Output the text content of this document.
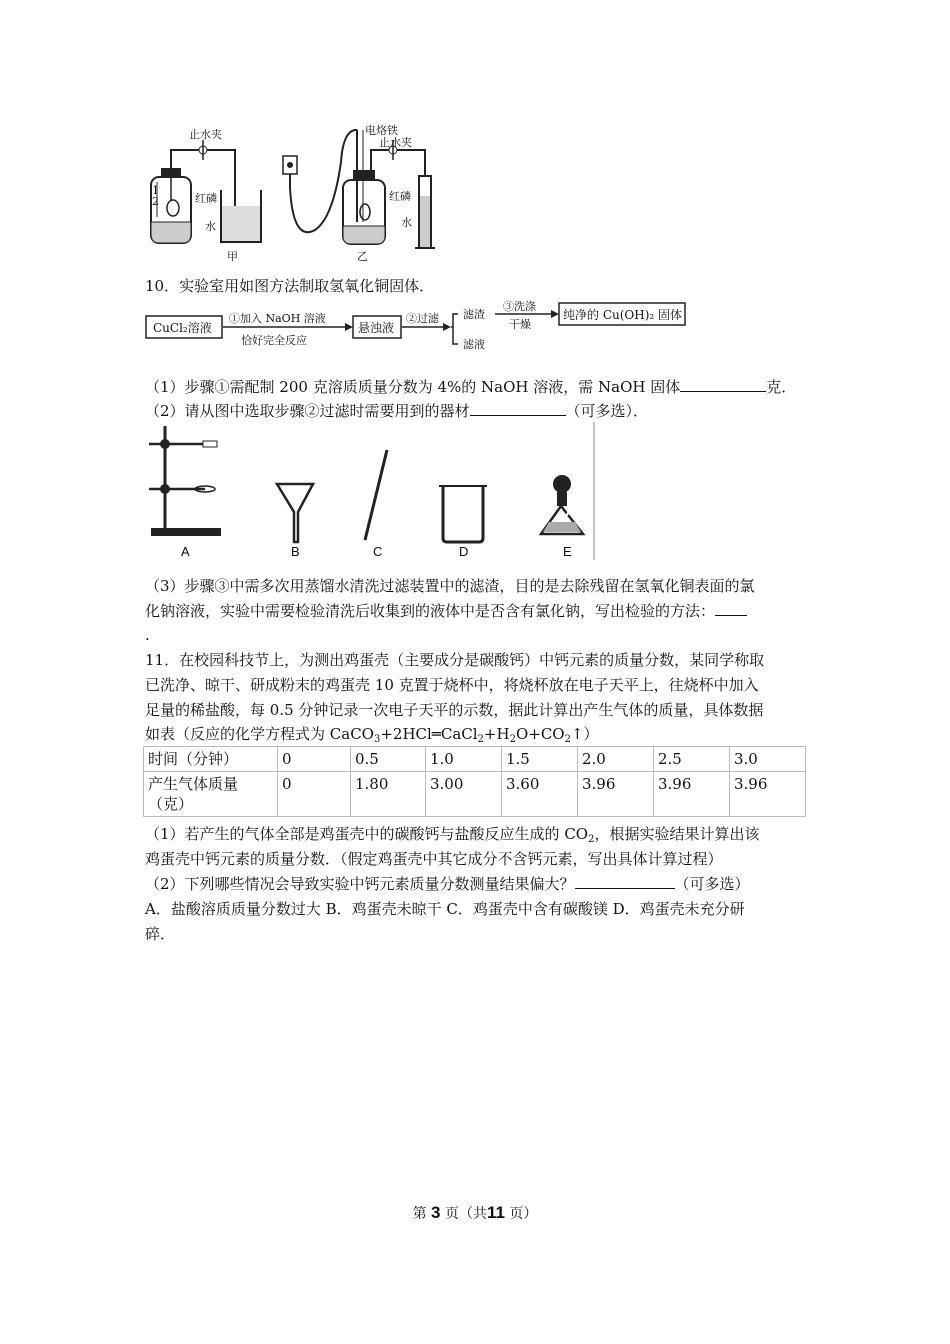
1
2
止水夹
红磷
水
甲
电烙铁
止水夹
红磷
水
乙
10．实验室用如图方法制取氢氧化铜固体．
CuCl₂溶液
①加入 NaOH 溶液
恰好完全反应
悬浊液
②过滤 滤渣
滤液
③洗涤
干燥
纯净的 Cu(OH)₂ 固体
（1）步骤①需配制 200 克溶质质量分数为 4%的 NaOH 溶液，需 NaOH 固体	克．
（2）请从图中选取步骤②过滤时需要用到的器材	（可多选）．
A	B	C	D	E
（3）步骤③中需多次用蒸馏水清洗过滤装置中的滤渣，目的是去除残留在氢氧化铜表面的氯
化钠溶液，实验中需要检验清洗后收集到的液体中是否含有氯化钠，写出检验的方法：
.
11．在校园科技节上，为测出鸡蛋壳（主要成分是碳酸钙）中钙元素的质量分数，某同学称取
已洗净、晾干、研成粉末的鸡蛋壳 10 克置于烧杯中，将烧杯放在电子天平上，往烧杯中加入
足量的稀盐酸，每 0.5 分钟记录一次电子天平的示数，据此计算出产生气体的质量，具体数据
如表（反应的化学方程式为 $CaCO_3+2HCl═CaCl_2+H_2O+CO_2↑$）
时间（分钟）	0	0.5	1.0	1.5	2.0	2.5	3.0
产生气体质量
（克）	0	1.80	3.00	3.60	3.96	3.96	3.96
（1）若产生的气体全部是鸡蛋壳中的碳酸钙与盐酸反应生成的 $CO_2$，根据实验结果计算出该
鸡蛋壳中钙元素的质量分数．（假定鸡蛋壳中其它成分不含钙元素，写出具体计算过程）
（2）下列哪些情况会导致实验中钙元素质量分数测量结果偏大？	（可多选）
A．盐酸溶质质量分数过大 B．鸡蛋壳未晾干 C．鸡蛋壳中含有碳酸镁 D．鸡蛋壳未充分研
碎．
第 3 页（共11 页）
